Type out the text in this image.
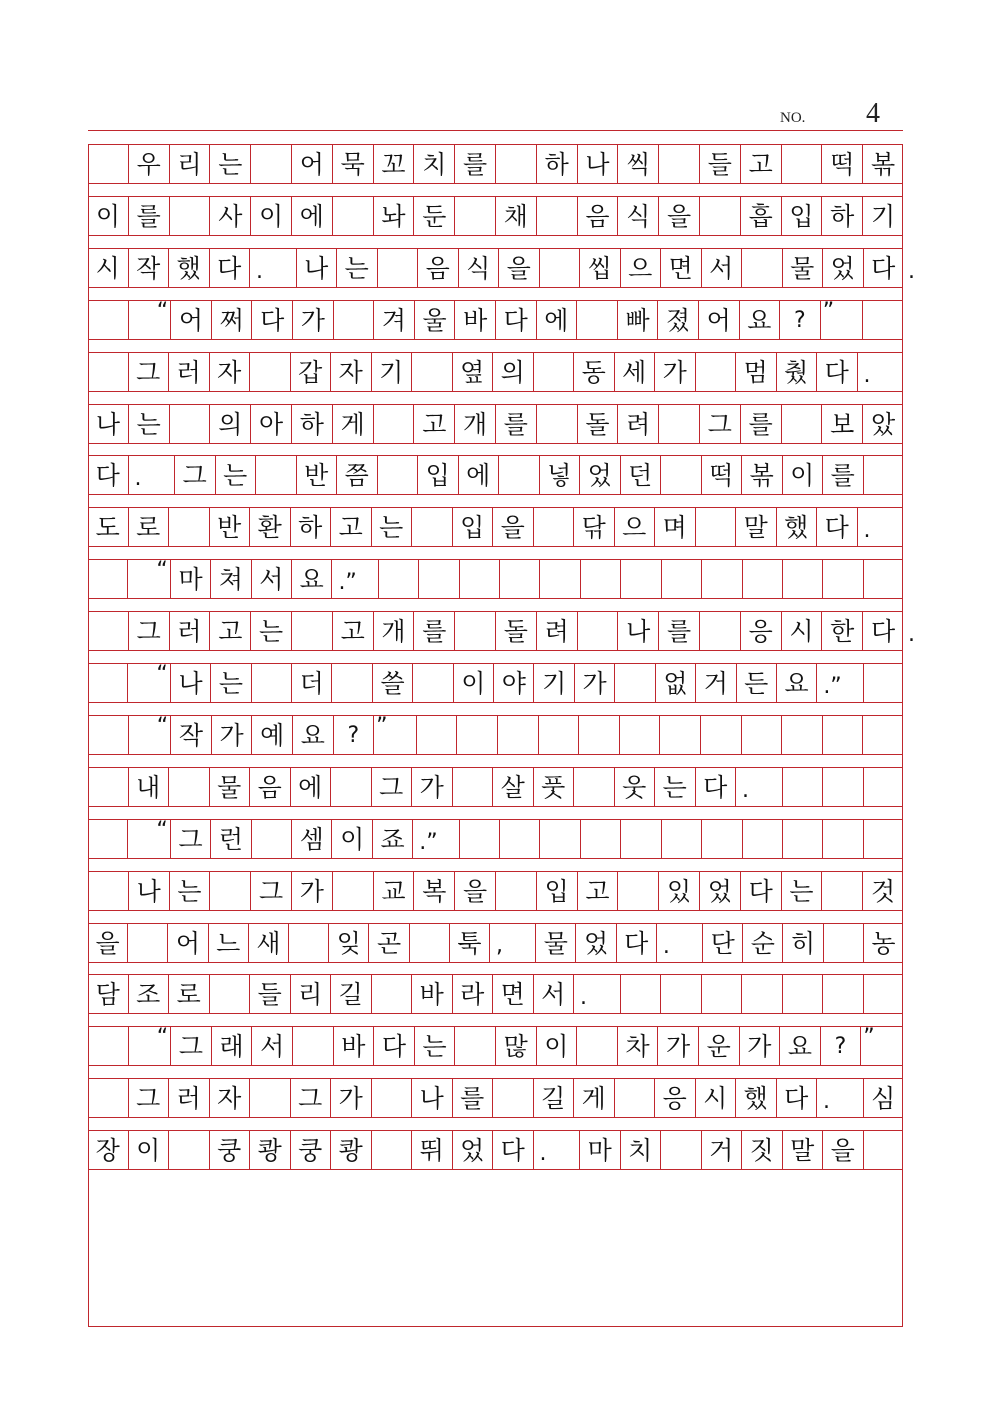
NO. 4
우 리 는	어 묵 꼬 치 를	하 나 씩	들 고	떡 볶
이 를	사 이 에	놔 둔	채	음 식 을	흡 입 하 기
시 작 했 다 .	나 는	음 식 을	씹 으 면 서	물 었 다 .
“ 어 쩌 다 가	겨 울 바 다 에	빠 졌 어 요	? ”
그 러 자	갑 자 기	옆 의	동 세 가	멈 췄 다 .
나 는	의 아 하 게	고 개 를	돌 려	그 를	보 았
다 .	그 는	반 쯤	입 에	넣 었 던	떡 볶 이 를
도 로	반 환 하 고 는	입 을	닦 으 며	말 했 다 .
“ 마 쳐 서 요 .”
그 러 고 는	고 개 를	돌 려	나 를	응 시 한 다 .
“ 나 는	더	쓸	이 야 기 가	없 거 든 요 .”
“ 작 가 예 요	? ”
내	물 음 에	그 가	살 풋	웃 는 다 .
“ 그 런	셈 이 죠 .”
나 는	그 가	교 복 을	입 고	있 었 다 는	것
을	어 느 새	잊 곤	툭 ,	물 었 다 .	단 순 히	농
담 조 로	들 리 길	바 라 면 서 .
“ 그 래 서	바 다 는	많 이	차 가 운 가 요	? ”
그 러 자	그 가	나 를	길 게	응 시 했 다 .	심
장 이	쿵 쾅 쿵 쾅	뛰 었 다 .	마 치	거 짓 말 을
